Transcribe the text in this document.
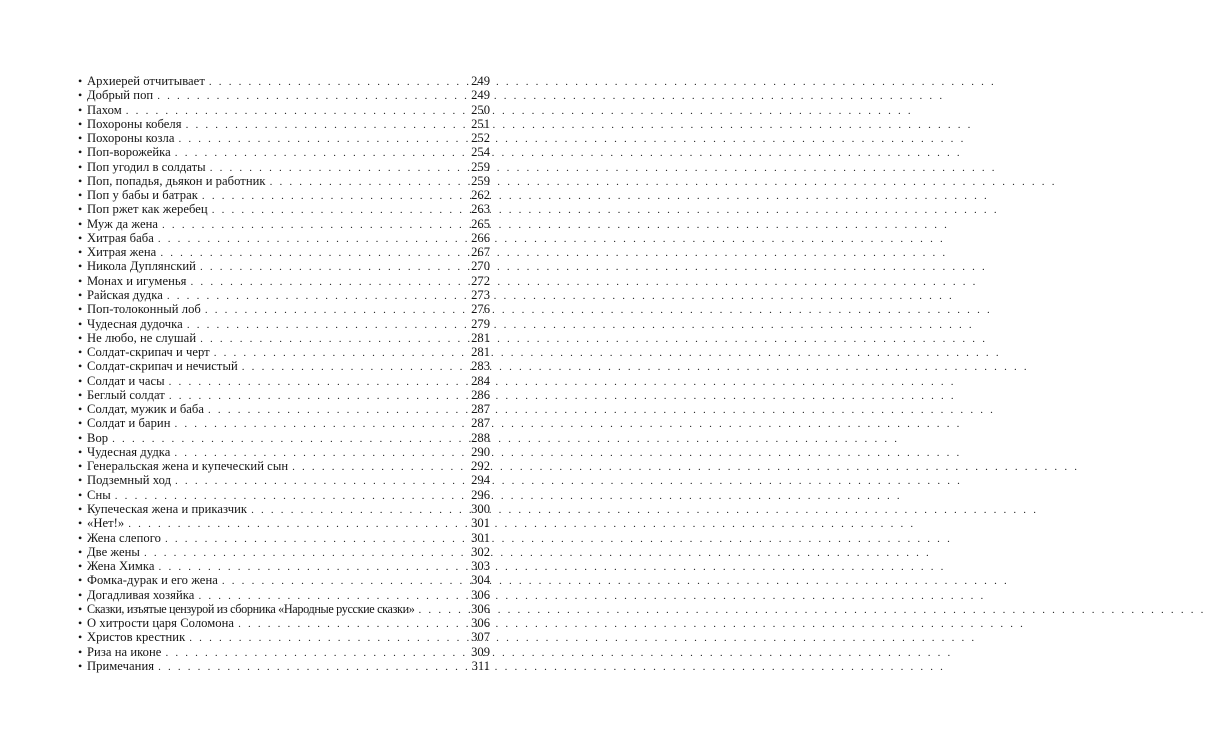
• Архиерей отчитывает . . .	249
• Добрый поп . . .	249
• Пахом . . .	250
• Похороны кобеля . . .	251
• Похороны козла . . .	252
• Поп-ворожейка . . .	254
• Поп угодил в солдаты . . .	259
• Поп, попадья, дьякон и работник . . .	259
• Поп у бабы и батрак . . .	262
• Поп ржет как жеребец . . .	263
• Муж да жена . . .	265
• Хитрая баба . . .	266
• Хитрая жена . . .	267
• Никола Дуплянский . . .	270
• Монах и игуменья . . .	272
• Райская дудка . . .	273
• Поп-толоконный лоб . . .	276
• Чудесная дудочка . . .	279
• Не любо, не слушай . . .	281
• Солдат-скрипач и черт . . .	281
• Солдат-скрипач и нечистый . . .	283
• Солдат и часы . . .	284
• Беглый солдат . . .	286
• Солдат, мужик и баба . . .	287
• Солдат и барин . . .	287
• Вор . . .	288
• Чудесная дудка . . .	290
• Генеральская жена и купеческий сын . . .	292
• Подземный ход . . .	294
• Сны . . .	296
• Купеческая жена и приказчик . . .	300
• «Нет!» . . .	301
• Жена слепого . . .	301
• Две жены . . .	302
• Жена Химка . . .	303
• Фомка-дурак и его жена . . .	304
• Догадливая хозяйка . . .	306
• Сказки, изъятые цензурой из сборника «Народные русские сказки» . . .	306
• О хитрости царя Соломона . . .	306
• Христов крестник . . .	307
• Риза на иконе . . .	309
• Примечания . . .	311
